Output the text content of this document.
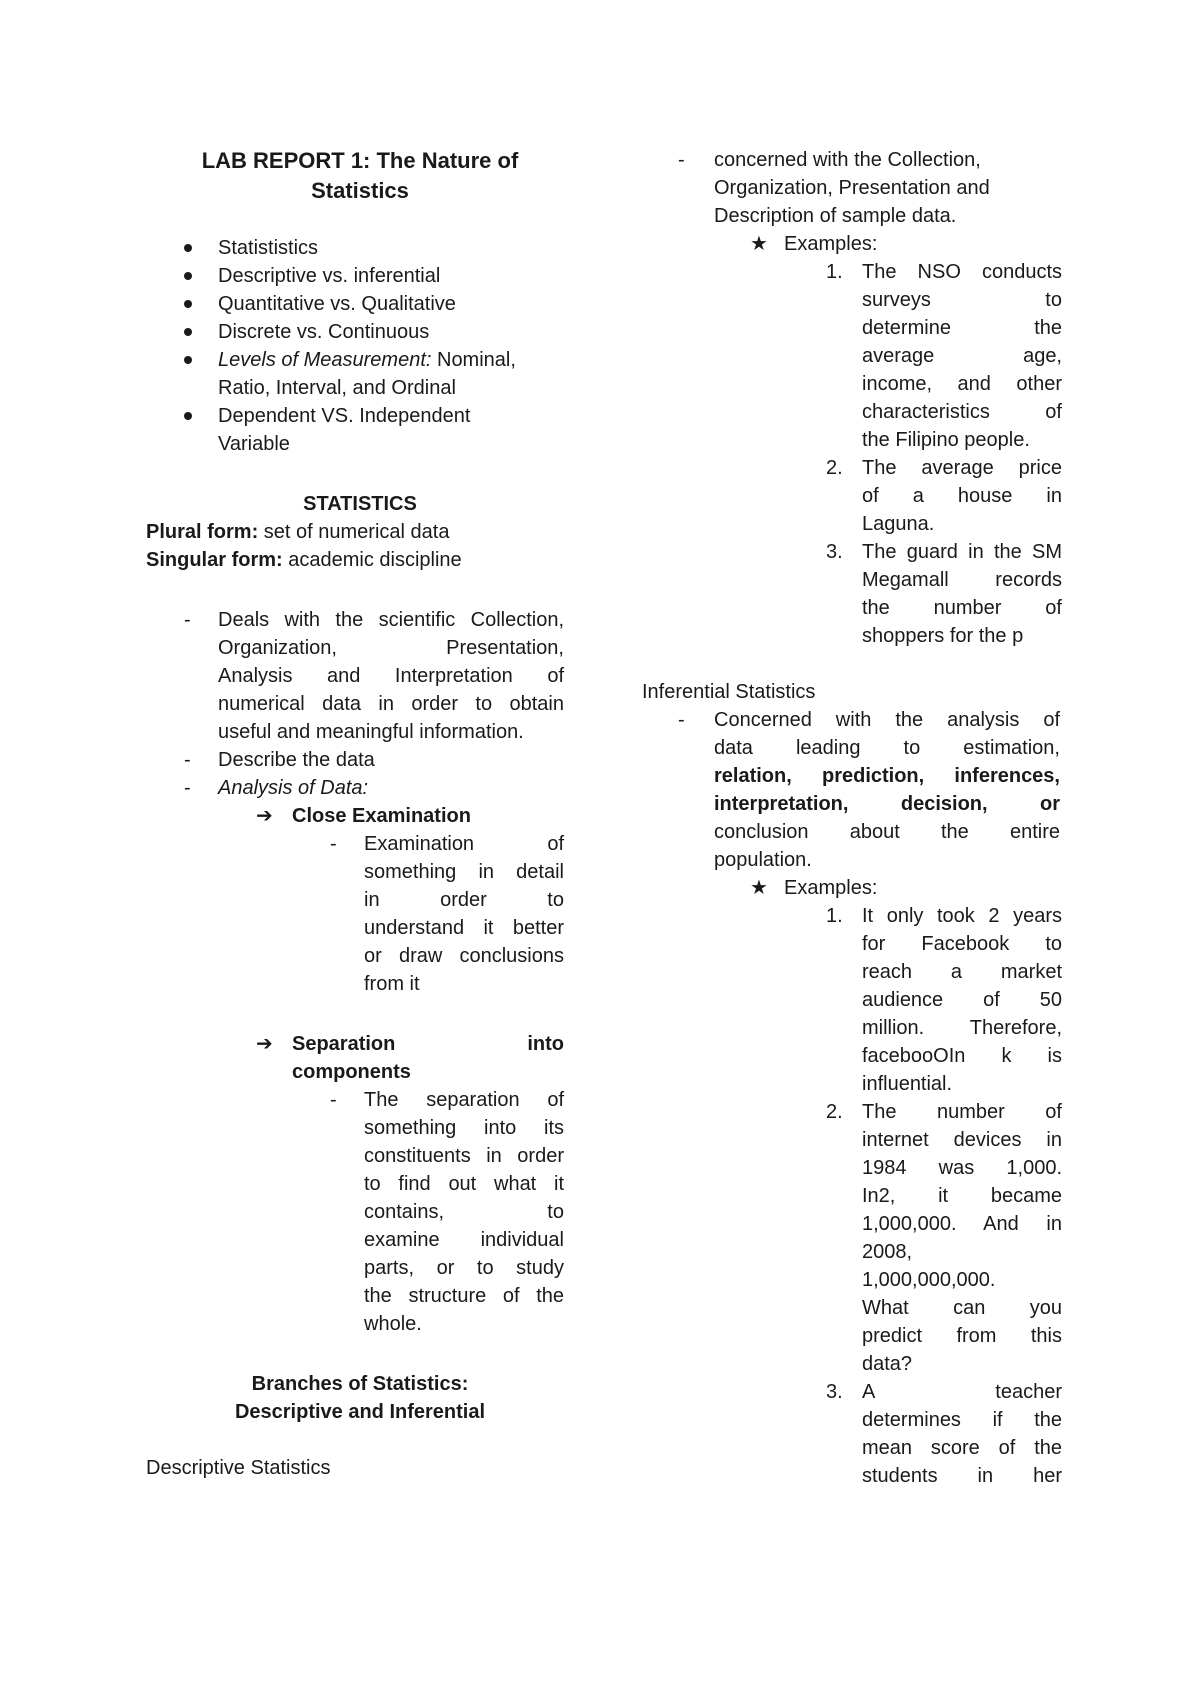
LAB REPORT 1: The Nature of
Statistics
Statististics
Descriptive vs. inferential
Quantitative vs. Qualitative
Discrete vs. Continuous
Levels of Measurement: Nominal,
Ratio, Interval, and Ordinal
Dependent VS. Independent
Variable
STATISTICS
Plural form: set of numerical data
Singular form: academic discipline
- Deals with the scientific Collection,
Organization, Presentation,
Analysis and Interpretation of
numerical data in order to obtain
useful and meaningful information.
- Describe the data
- Analysis of Data:
➔ Close Examination
- Examination of
something in detail
in order to
understand it better
or draw conclusions
from it
➔ Separation into
components
- The separation of
something into its
constituents in order
to find out what it
contains, to
examine individual
parts, or to study
the structure of the
whole.
Branches of Statistics:
Descriptive and Inferential
Descriptive Statistics
- concerned with the Collection,
Organization, Presentation and
Description of sample data.
★ Examples:
1. The NSO conducts
surveys to
determine the
average age,
income, and other
characteristics of
the Filipino people.
2. The average price
of a house in
Laguna.
3. The guard in the SM
Megamall records
the number of
shoppers for the p
Inferential Statistics
- Concerned with the analysis of
data leading to estimation,
relation, prediction, inferences,
interpretation, decision, or
conclusion about the entire
population.
★ Examples:
1. It only took 2 years
for Facebook to
reach a market
audience of 50
million. Therefore,
facebooOIn k is
influential.
2. The number of
internet devices in
1984 was 1,000.
In2, it became
1,000,000. And in
2008,
1,000,000,000.
What can you
predict from this
data?
3. A teacher
determines if the
mean score of the
students in her
